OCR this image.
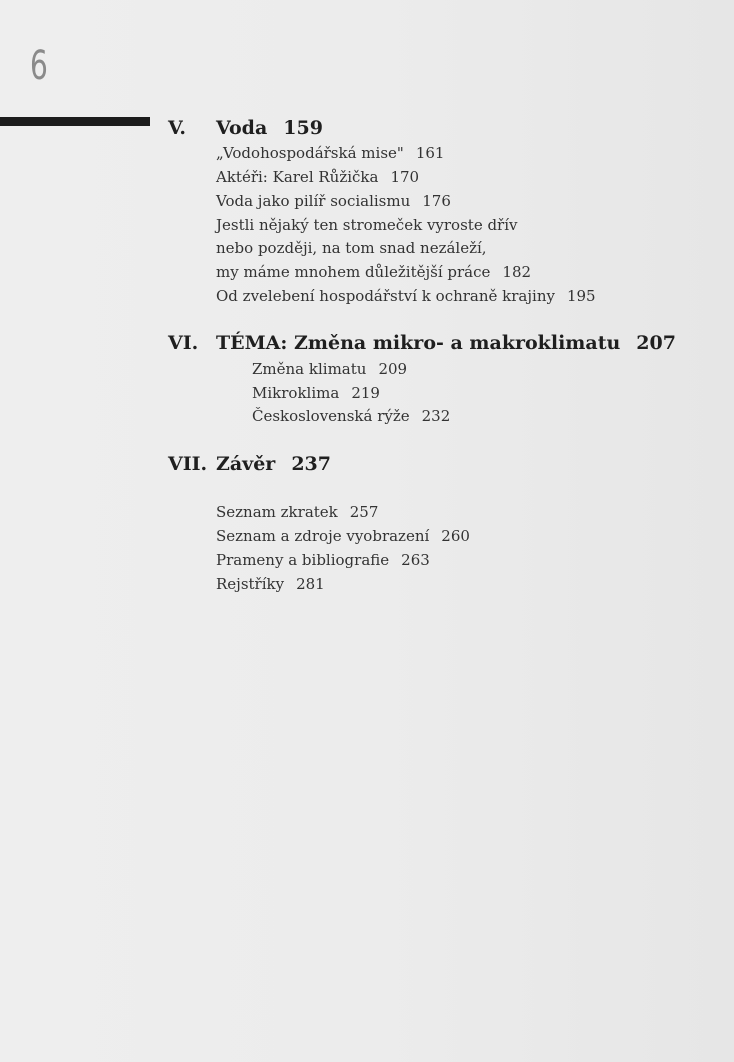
6
V. Voda 159
„Vodohospodářská mise" 161
Aktéři: Karel Růžička 170
Voda jako pilíř socialismu 176
Jestli nějaký ten stromeček vyroste dřív
nebo později, na tom snad nezáleží,
my máme mnohem důležitější práce 182
Od zvelebení hospodářství k ochraně krajiny 195
VI. TÉMA: Změna mikro- a makroklimatu 207
Změna klimatu 209
Mikroklima 219
Československá rýže 232
VII. Závěr 237
Seznam zkratek 257
Seznam a zdroje vyobrazení 260
Prameny a bibliografie 263
Rejstříky 281
